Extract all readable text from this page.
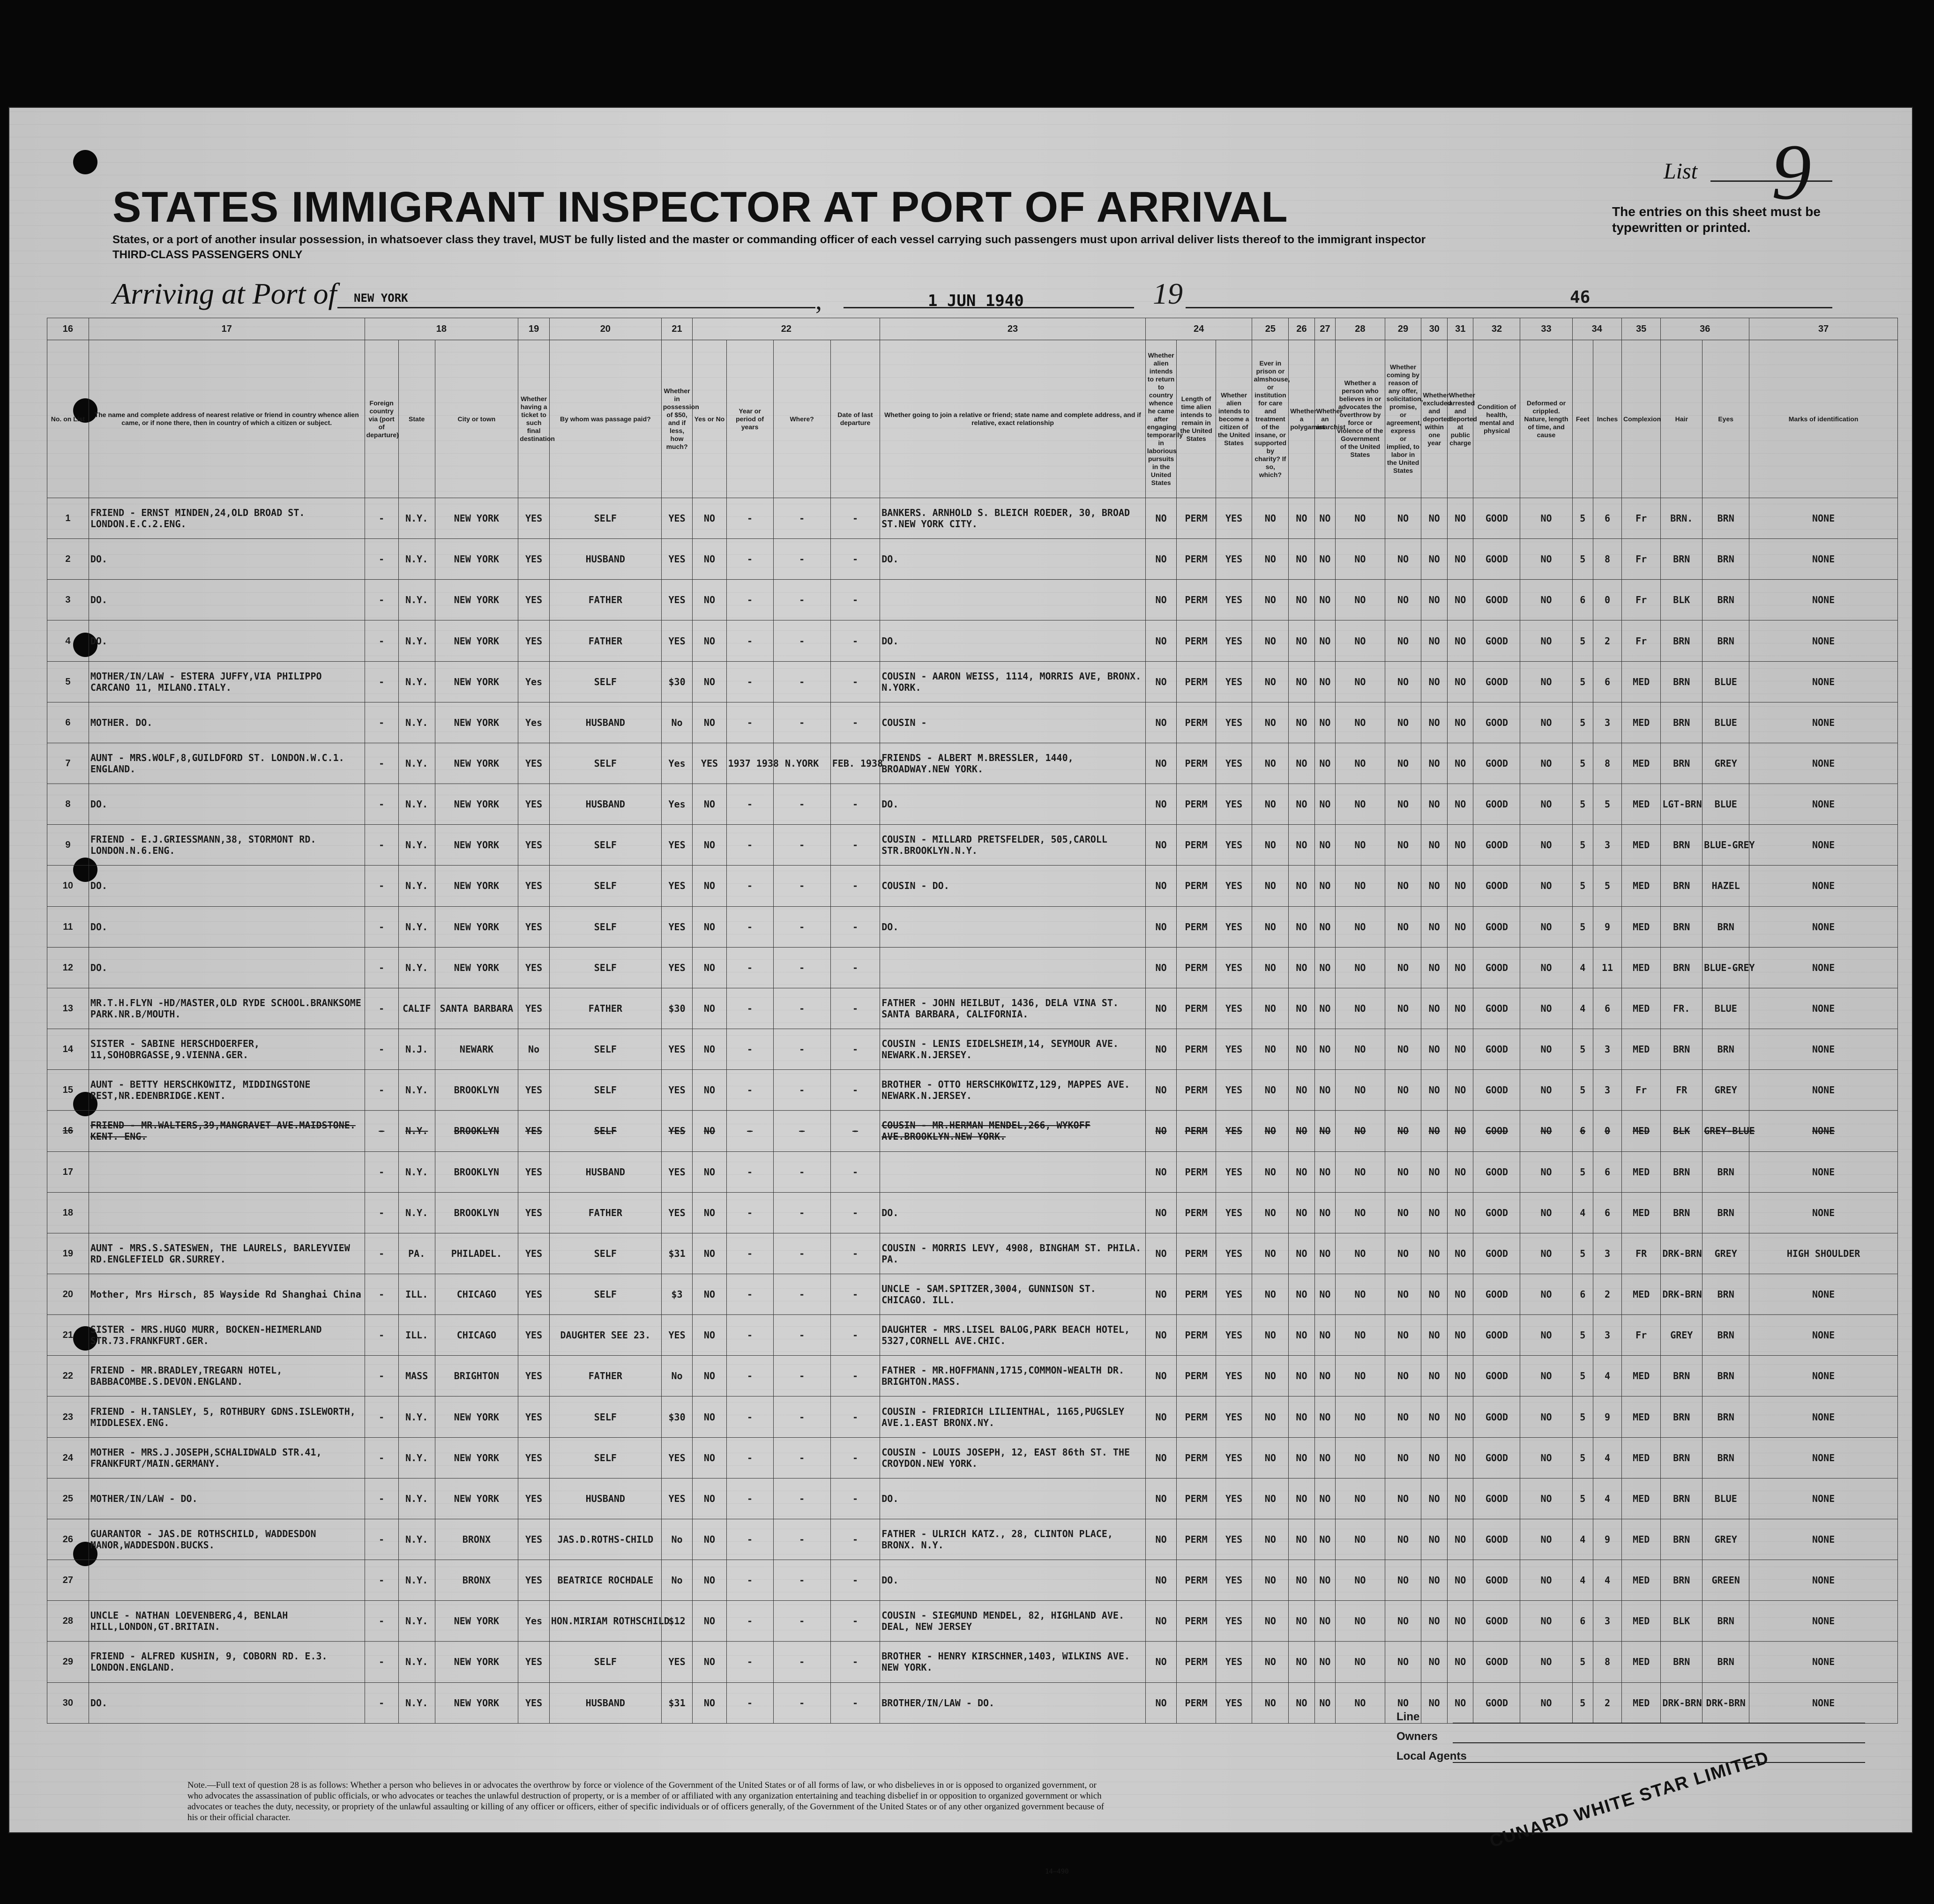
STATES IMMIGRANT INSPECTOR AT PORT OF ARRIVAL

States, or a port of another insular possession, in whatsoever class they travel, MUST be fully listed and the master or commanding officer of each vessel carrying such passengers must upon arrival deliver lists thereof to the immigrant inspector

THIRD-CLASS PASSENGERS ONLY

List 9

The entries on this sheet must be typewritten or printed.

Arriving at Port of NEW YORK	,	1 JUN 1940	19	46
16	17	18			19	20	21	22				23	24			25	26	27	28	29	30	31	32	33	34		35	36		37
No. on List	The name and complete address of nearest relative or friend in country whence alien came, or if none there, then in country of which a citizen or subject.	Foreign country via (port of departure)	State	City or town	Whether having a ticket to such final destination	By whom was passage paid?	Whether in possession of $50, and if less, how much?	Yes or No	Year or period of years	Where?	Date of last departure	Whether going to join a relative or friend; state name and complete address, and if relative, exact relationship	Whether alien intends to return to country whence he came after engaging temporarily in laborious pursuits in the United States	Length of time alien intends to remain in the United States	Whether alien intends to become a citizen of the United States	Ever in prison or almshouse, or institution for care and treatment of the insane, or supported by charity? If so, which?	Whether a polygamist	Whether an anarchist	Whether a person who believes in or advocates the overthrow by force or violence of the Government of the United States	Whether coming by reason of any offer, solicitation, promise, or agreement, express or implied, to labor in the United States	Whether excluded and deported within one year	Whether arrested and deported at public charge	Condition of health, mental and physical	Deformed or crippled. Nature, length of time, and cause	Feet	Inches	Complexion	Hair	Eyes	Marks of identification
1	FRIEND - ERNST MINDEN,24,OLD BROAD ST. LONDON.E.C.2.ENG.	-	N.Y.	NEW YORK	YES	SELF	YES	NO	-	-	-	BANKERS. ARNHOLD S. BLEICH ROEDER, 30, BROAD ST.NEW YORK CITY.	NO	PERM	YES	NO	NO	NO	NO	NO	NO	NO	GOOD	NO	5	6	Fr	BRN.	BRN	NONE
2	DO.	-	N.Y.	NEW YORK	YES	HUSBAND	YES	NO	-	-	-	DO.	NO	PERM	YES	NO	NO	NO	NO	NO	NO	NO	GOOD	NO	5	8	Fr	BRN	BRN	NONE
3	DO.	-	N.Y.	NEW YORK	YES	FATHER	YES	NO	-	-	-		NO	PERM	YES	NO	NO	NO	NO	NO	NO	NO	GOOD	NO	6	0	Fr	BLK	BRN	NONE
4	DO.	-	N.Y.	NEW YORK	YES	FATHER	YES	NO	-	-	-	DO.	NO	PERM	YES	NO	NO	NO	NO	NO	NO	NO	GOOD	NO	5	2	Fr	BRN	BRN	NONE
5	MOTHER/IN/LAW - ESTERA JUFFY,VIA PHILIPPO CARCANO 11, MILANO.ITALY.	-	N.Y.	NEW YORK	Yes	SELF	$30	NO	-	-	-	COUSIN - AARON WEISS, 1114, MORRIS AVE, BRONX. N.YORK.	NO	PERM	YES	NO	NO	NO	NO	NO	NO	NO	GOOD	NO	5	6	MED	BRN	BLUE	NONE
6	MOTHER. DO.	-	N.Y.	NEW YORK	Yes	HUSBAND	No	NO	-	-	-	COUSIN -	NO	PERM	YES	NO	NO	NO	NO	NO	NO	NO	GOOD	NO	5	3	MED	BRN	BLUE	NONE
7	AUNT - MRS.WOLF,8,GUILDFORD ST. LONDON.W.C.1. ENGLAND.	-	N.Y.	NEW YORK	YES	SELF	Yes	YES	1937 1938	N.YORK	FEB. 1938	FRIENDS - ALBERT M.BRESSLER, 1440, BROADWAY.NEW YORK.	NO	PERM	YES	NO	NO	NO	NO	NO	NO	NO	GOOD	NO	5	8	MED	BRN	GREY	NONE
8	DO.	-	N.Y.	NEW YORK	YES	HUSBAND	Yes	NO	-	-	-	DO.	NO	PERM	YES	NO	NO	NO	NO	NO	NO	NO	GOOD	NO	5	5	MED	LGT-BRN	BLUE	NONE
9	FRIEND - E.J.GRIESSMANN,38, STORMONT RD. LONDON.N.6.ENG.	-	N.Y.	NEW YORK	YES	SELF	YES	NO	-	-	-	COUSIN - MILLARD PRETSFELDER, 505,CAROLL STR.BROOKLYN.N.Y.	NO	PERM	YES	NO	NO	NO	NO	NO	NO	NO	GOOD	NO	5	3	MED	BRN	BLUE-GREY	NONE
10	DO.	-	N.Y.	NEW YORK	YES	SELF	YES	NO	-	-	-	COUSIN - DO.	NO	PERM	YES	NO	NO	NO	NO	NO	NO	NO	GOOD	NO	5	5	MED	BRN	HAZEL	NONE
11	DO.	-	N.Y.	NEW YORK	YES	SELF	YES	NO	-	-	-	DO.	NO	PERM	YES	NO	NO	NO	NO	NO	NO	NO	GOOD	NO	5	9	MED	BRN	BRN	NONE
12	DO.	-	N.Y.	NEW YORK	YES	SELF	YES	NO	-	-	-		NO	PERM	YES	NO	NO	NO	NO	NO	NO	NO	GOOD	NO	4	11	MED	BRN	BLUE-GREY	NONE
13	MR.T.H.FLYN -HD/MASTER,OLD RYDE SCHOOL.BRANKSOME PARK.NR.B/MOUTH.	-	CALIF	SANTA BARBARA	YES	FATHER	$30	NO	-	-	-	FATHER - JOHN HEILBUT, 1436, DELA VINA ST. SANTA BARBARA, CALIFORNIA.	NO	PERM	YES	NO	NO	NO	NO	NO	NO	NO	GOOD	NO	4	6	MED	FR.	BLUE	NONE
14	SISTER - SABINE HERSCHDOERFER, 11,SOHOBRGASSE,9.VIENNA.GER.	-	N.J.	NEWARK	No	SELF	YES	NO	-	-	-	COUSIN - LENIS EIDELSHEIM,14, SEYMOUR AVE. NEWARK.N.JERSEY.	NO	PERM	YES	NO	NO	NO	NO	NO	NO	NO	GOOD	NO	5	3	MED	BRN	BRN	NONE
15	AUNT - BETTY HERSCHKOWITZ, MIDDINGSTONE REST,NR.EDENBRIDGE.KENT.	-	N.Y.	BROOKLYN	YES	SELF	YES	NO	-	-	-	BROTHER - OTTO HERSCHKOWITZ,129, MAPPES AVE. NEWARK.N.JERSEY.	NO	PERM	YES	NO	NO	NO	NO	NO	NO	NO	GOOD	NO	5	3	Fr	FR	GREY	NONE
16	FRIEND - MR.WALTERS,39,MANGRAVET AVE.MAIDSTONE. KENT. ENG.	-	N.Y.	BROOKLYN	YES	SELF	YES	NO	-	-	-	COUSIN - MR.HERMAN MENDEL,266, WYKOFF AVE.BROOKLYN.NEW YORK.	NO	PERM	YES	NO	NO	NO	NO	NO	NO	NO	GOOD	NO	6	0	MED	BLK	GREY-BLUE	NONE
17		-	N.Y.	BROOKLYN	YES	HUSBAND	YES	NO	-	-	-		NO	PERM	YES	NO	NO	NO	NO	NO	NO	NO	GOOD	NO	5	6	MED	BRN	BRN	NONE
18		-	N.Y.	BROOKLYN	YES	FATHER	YES	NO	-	-	-	DO.	NO	PERM	YES	NO	NO	NO	NO	NO	NO	NO	GOOD	NO	4	6	MED	BRN	BRN	NONE
19	AUNT - MRS.S.SATESWEN, THE LAURELS, BARLEYVIEW RD.ENGLEFIELD GR.SURREY.	-	PA.	PHILADEL.	YES	SELF	$31	NO	-	-	-	COUSIN - MORRIS LEVY, 4908, BINGHAM ST. PHILA. PA.	NO	PERM	YES	NO	NO	NO	NO	NO	NO	NO	GOOD	NO	5	3	FR	DRK-BRN	GREY	HIGH SHOULDER
20	Mother, Mrs Hirsch, 85 Wayside Rd Shanghai China	-	ILL.	CHICAGO	YES	SELF	$3	NO	-	-	-	UNCLE - SAM.SPITZER,3004, GUNNISON ST. CHICAGO. ILL.	NO	PERM	YES	NO	NO	NO	NO	NO	NO	NO	GOOD	NO	6	2	MED	DRK-BRN	BRN	NONE
21	SISTER - MRS.HUGO MURR, BOCKEN-HEIMERLAND STR.73.FRANKFURT.GER.	-	ILL.	CHICAGO	YES	DAUGHTER SEE 23.	YES	NO	-	-	-	DAUGHTER - MRS.LISEL BALOG,PARK BEACH HOTEL, 5327,CORNELL AVE.CHIC.	NO	PERM	YES	NO	NO	NO	NO	NO	NO	NO	GOOD	NO	5	3	Fr	GREY	BRN	NONE
22	FRIEND - MR.BRADLEY,TREGARN HOTEL, BABBACOMBE.S.DEVON.ENGLAND.	-	MASS	BRIGHTON	YES	FATHER	No	NO	-	-	-	FATHER - MR.HOFFMANN,1715,COMMON-WEALTH DR. BRIGHTON.MASS.	NO	PERM	YES	NO	NO	NO	NO	NO	NO	NO	GOOD	NO	5	4	MED	BRN	BRN	NONE
23	FRIEND - H.TANSLEY, 5, ROTHBURY GDNS.ISLEWORTH, MIDDLESEX.ENG.	-	N.Y.	NEW YORK	YES	SELF	$30	NO	-	-	-	COUSIN - FRIEDRICH LILIENTHAL, 1165,PUGSLEY AVE.1.EAST BRONX.NY.	NO	PERM	YES	NO	NO	NO	NO	NO	NO	NO	GOOD	NO	5	9	MED	BRN	BRN	NONE
24	MOTHER - MRS.J.JOSEPH,SCHALIDWALD STR.41, FRANKFURT/MAIN.GERMANY.	-	N.Y.	NEW YORK	YES	SELF	YES	NO	-	-	-	COUSIN - LOUIS JOSEPH, 12, EAST 86th ST. THE CROYDON.NEW YORK.	NO	PERM	YES	NO	NO	NO	NO	NO	NO	NO	GOOD	NO	5	4	MED	BRN	BRN	NONE
25	MOTHER/IN/LAW - DO.	-	N.Y.	NEW YORK	YES	HUSBAND	YES	NO	-	-	-	DO.	NO	PERM	YES	NO	NO	NO	NO	NO	NO	NO	GOOD	NO	5	4	MED	BRN	BLUE	NONE
26	GUARANTOR - JAS.DE ROTHSCHILD, WADDESDON MANOR,WADDESDON.BUCKS.	-	N.Y.	BRONX	YES	JAS.D.ROTHS-CHILD	No	NO	-	-	-	FATHER - ULRICH KATZ., 28, CLINTON PLACE, BRONX. N.Y.	NO	PERM	YES	NO	NO	NO	NO	NO	NO	NO	GOOD	NO	4	9	MED	BRN	GREY	NONE
27		-	N.Y.	BRONX	YES	BEATRICE ROCHDALE	No	NO	-	-	-	DO.	NO	PERM	YES	NO	NO	NO	NO	NO	NO	NO	GOOD	NO	4	4	MED	BRN	GREEN	NONE
28	UNCLE - NATHAN LOEVENBERG,4, BENLAH HILL,LONDON,GT.BRITAIN.	-	N.Y.	NEW YORK	Yes	HON.MIRIAM ROTHSCHILD	$12	NO	-	-	-	COUSIN - SIEGMUND MENDEL, 82, HIGHLAND AVE. DEAL, NEW JERSEY	NO	PERM	YES	NO	NO	NO	NO	NO	NO	NO	GOOD	NO	6	3	MED	BLK	BRN	NONE
29	FRIEND - ALFRED KUSHIN, 9, COBORN RD. E.3. LONDON.ENGLAND.	-	N.Y.	NEW YORK	YES	SELF	YES	NO	-	-	-	BROTHER - HENRY KIRSCHNER,1403, WILKINS AVE. NEW YORK.	NO	PERM	YES	NO	NO	NO	NO	NO	NO	NO	GOOD	NO	5	8	MED	BRN	BRN	NONE
30	DO.	-	N.Y.	NEW YORK	YES	HUSBAND	$31	NO	-	-	-	BROTHER/IN/LAW - DO.	NO	PERM	YES	NO	NO	NO	NO	NO	NO	NO	GOOD	NO	5	2	MED	DRK-BRN	DRK-BRN	NONE

Note.—Full text of question 28 is as follows: Whether a person who believes in or advocates the overthrow by force or violence of the Government of the United States or of all forms of law, or who disbelieves in or is opposed to organized government, or who advocates the assassination of public officials, or who advocates or teaches the unlawful destruction of property, or is a member of or affiliated with any organization entertaining and teaching disbelief in or opposition to organized government or which advocates or teaches the duty, necessity, or propriety of the unlawful assaulting or killing of any officer or officers, either of specific individuals or of officers generally, of the Government of the United States or of any other organized government because of his or their official character.

14—490
Line
Owners
Local Agents CUNARD WHITE STAR LIMITED
